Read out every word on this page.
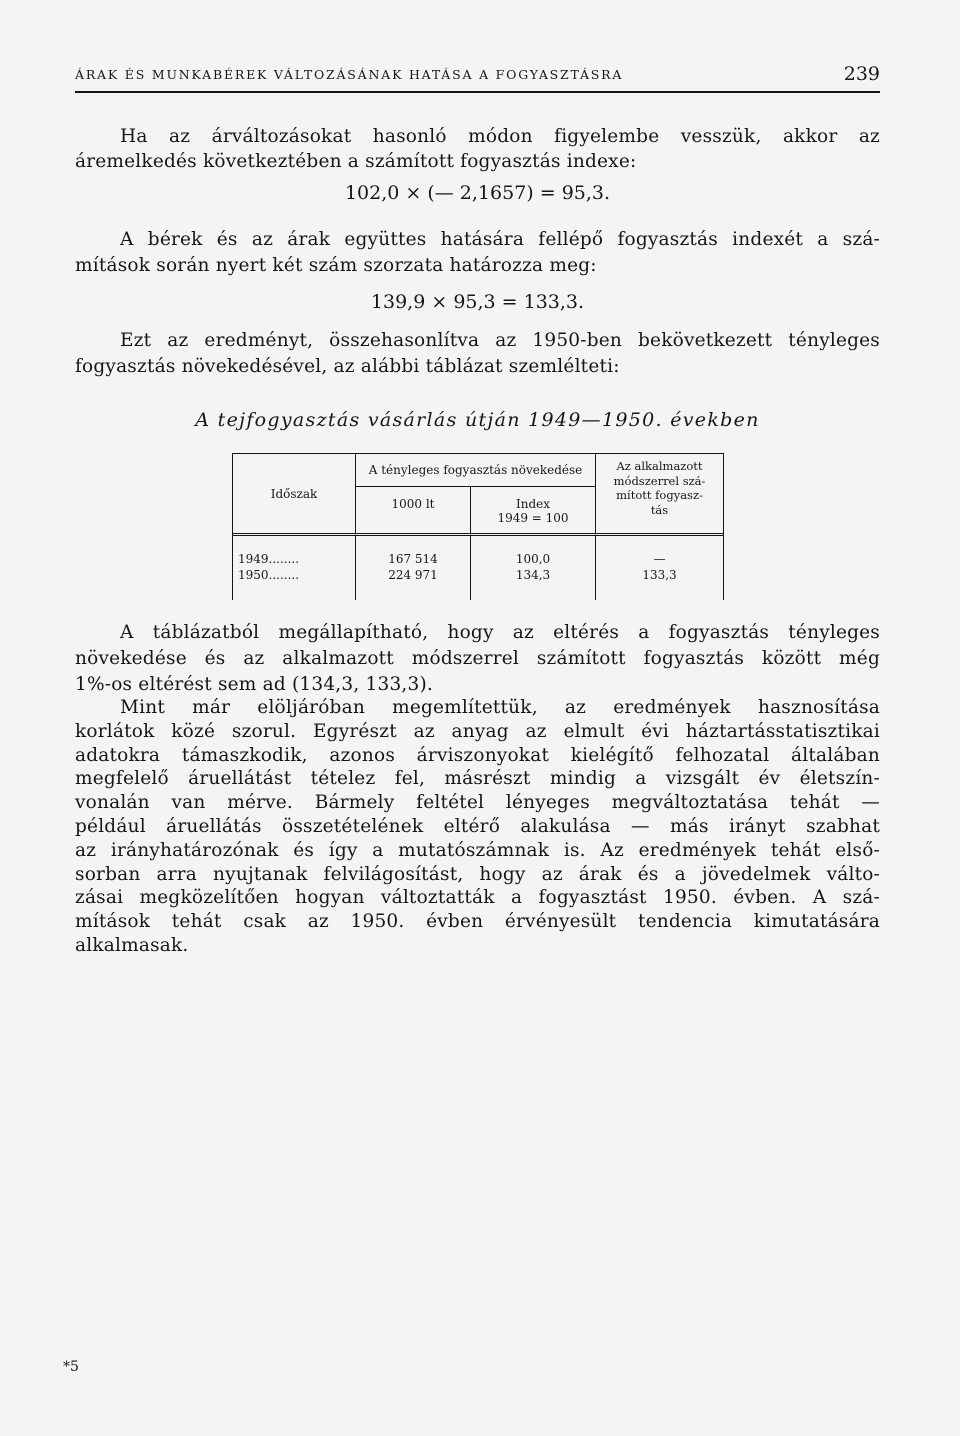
ÁRAK ÉS MUNKABÉREK VÁLTOZÁSÁNAK HATÁSA A FOGYASZTÁSRA	239
Ha az árváltozásokat hasonló módon figyelembe vesszük, akkor az
áremelkedés következtében a számított fogyasztás indexe:
102,0 × (— 2,1657) = 95,3.
A bérek és az árak együttes hatására fellépő fogyasztás indexét a szá-
mítások során nyert két szám szorzata határozza meg:
139,9 × 95,3 = 133,3.
Ezt az eredményt, összehasonlítva az 1950-ben bekövetkezett tényleges
fogyasztás növekedésével, az alábbi táblázat szemlélteti:
A tejfogyasztás vásárlás útján 1949—1950. években
Időszak	A tényleges fogyasztás növekedése		Az alkalmazott
módszerrel szá-
mított fogyasz-
tás

	1000 lt	Index
1949 = 100	

1949........	167 514	100,0	—
1950........	224 971	134,3	133,3

A táblázatból megállapítható, hogy az eltérés a fogyasztás tényleges
növekedése és az alkalmazott módszerrel számított fogyasztás között még
1%-os eltérést sem ad (134,3, 133,3).
Mint már elöljáróban megemlítettük, az eredmények hasznosítása
korlátok közé szorul. Egyrészt az anyag az elmult évi háztartásstatisztikai
adatokra támaszkodik, azonos árviszonyokat kielégítő felhozatal általában
megfelelő áruellátást tételez fel, másrészt mindig a vizsgált év életszín-
vonalán van mérve. Bármely feltétel lényeges megváltoztatása tehát —
például áruellátás összetételének eltérő alakulása — más irányt szabhat
az irányhatározónak és így a mutatószámnak is. Az eredmények tehát első-
sorban arra nyujtanak felvilágosítást, hogy az árak és a jövedelmek válto-
zásai megközelítően hogyan változtatták a fogyasztást 1950. évben. A szá-
mítások tehát csak az 1950. évben érvényesült tendencia kimutatására
alkalmasak.
*5
